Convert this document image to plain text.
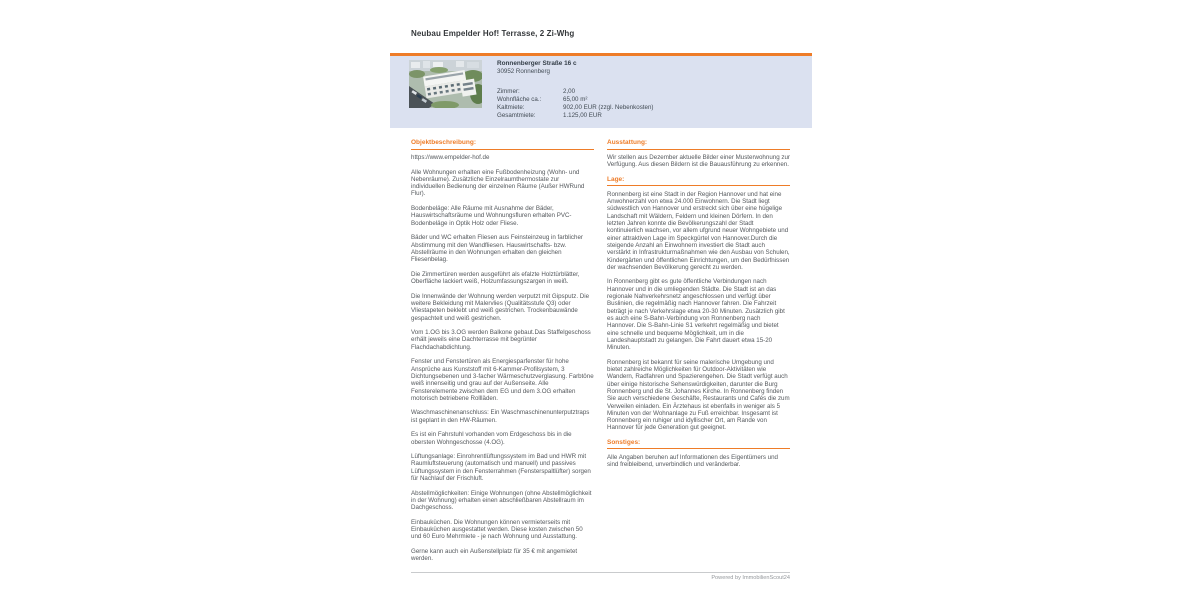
Neubau Empelder Hof! Terrasse, 2 Zi-Whg
Ronnenberger Straße 16 c
30952 Ronnenberg
Zimmer:	2,00
Wohnfläche ca.:	65,00 m²
Kaltmiete:	902,00 EUR (zzgl. Nebenkosten)
Gesamtmiete:	1.125,00 EUR
Objektbeschreibung:

https://www.empelder-hof.de

Alle Wohnungen erhalten eine Fußbodenheizung (Wohn- und Nebenräume). Zusätzliche Einzelraumthermostate zur individuellen Bedienung der einzelnen Räume (Außer HWRund Flur).

Bodenbeläge: Alle Räume mit Ausnahme der Bäder, Hauswirtschaftsräume und Wohnungsfluren erhalten PVC-Bodenbeläge in Optik Holz oder Fliese.

Bäder und WC erhalten Fliesen aus Feinsteinzeug in farblicher Abstimmung mit den Wandfliesen. Hauswirtschafts- bzw. Abstellräume in den Wohnungen erhalten den gleichen Fliesenbelag.

Die Zimmertüren werden ausgeführt als efalzte Holztürblätter, Oberfläche lackiert weiß, Holzumfassungszargen in weiß.

Die Innenwände der Wohnung werden verputzt mit Gipsputz. Die weitere Bekleidung mit Malervlies (Qualitätsstufe Q3) oder Vliestapeten beklebt und weiß gestrichen. Trockenbauwände gespachtelt und weiß gestrichen.

Vom 1.OG bis 3.OG werden Balkone gebaut.Das Staffelgeschoss erhält jeweils eine Dachterrasse mit begrünter Flachdachabdichtung.

Fenster und Fenstertüren als Energiesparfenster für hohe Ansprüche aus Kunststoff mit 6-Kammer-Profilsystem, 3 Dichtungsebenen und 3-facher Wärmeschutzverglasung. Farbtöne weiß innenseitig und grau auf der Außenseite. Alle Fensterelemente zwischen dem EG und dem 3.OG erhalten motorisch betriebene Rollläden.

Waschmaschinenanschluss: Ein Waschmaschinenunterputztraps ist geplant in den HW-Räumen.

Es ist ein Fahrstuhl vorhanden vom Erdgeschoss bis in die obersten Wohngeschosse (4.OG).

Lüftungsanlage: Einrohrentlüftungssystem im Bad und HWR mit Raumluftsteuerung (automatisch und manuell) und passives Lüftungssystem in den Fensterrahmen (Fensterspaltlüfter) sorgen für Nachlauf der Frischluft.

Abstellmöglichkeiten: Einige Wohnungen (ohne Abstellmöglichkeit in der Wohnung) erhalten einen abschließbaren Abstellraum im Dachgeschoss.

Einbauküchen. Die Wohnungen können vermieterseits mit Einbauküchen ausgestattet werden. Diese kosten zwischen 50 und 60 Euro Mehrmiete - je nach Wohnung und Ausstattung.

Gerne kann auch ein Außenstellplatz für 35 € mit angemietet werden.

Ausstattung:

Wir stellen aus Dezember aktuelle Bilder einer Musterwohnung zur Verfügung. Aus diesen Bildern ist die Bauausführung zu erkennen.

Lage:

Ronnenberg ist eine Stadt in der Region Hannover und hat eine Anwohnerzahl von etwa 24.000 Einwohnern. Die Stadt liegt südwestlich von Hannover und erstreckt sich über eine hügelige Landschaft mit Wäldern, Feldern und kleinen Dörfern. In den letzten Jahren konnte die Bevölkerungszahl der Stadt kontinuierlich wachsen, vor allem ufgrund neuer Wohngebiete und einer attraktiven Lage im Speckgürtel von Hannover.Durch die steigende Anzahl an Einwohnern investiert die Stadt auch verstärkt in Infrastrukturmaßnahmen wie den Ausbau von Schulen, Kindergärten und öffentlichen Einrichtungen, um den Bedürfnissen der wachsenden Bevölkerung gerecht zu werden.

In Ronnenberg gibt es gute öffentliche Verbindungen nach Hannover und in die umliegenden Städte. Die Stadt ist an das regionale Nahverkehrsnetz angeschlossen und verfügt über Buslinien, die regelmäßig nach Hannover fahren. Die Fahrzeit beträgt je nach Verkehrslage etwa 20-30 Minuten. Zusätzlich gibt es auch eine S-Bahn-Verbindung von Ronnenberg nach Hannover. Die S-Bahn-Linie S1 verkehrt regelmäßig und bietet eine schnelle und bequeme Möglichkeit, um in die Landeshauptstadt zu gelangen. Die Fahrt dauert etwa 15-20 Minuten.

Ronnenberg ist bekannt für seine malerische Umgebung und bietet zahlreiche Möglichkeiten für Outdoor-Aktivitäten wie Wandern, Radfahren und Spazierengehen. Die Stadt verfügt auch über einige historische Sehenswürdigkeiten, darunter die Burg Ronnenberg und die St. Johannes Kirche. In Ronnenberg finden Sie auch verschiedene Geschäfte, Restaurants und Cafés die zum Verweilen einladen. Ein Ärztehaus ist ebenfalls in weniger als 5 Minuten von der Wohnanlage zu Fuß erreichbar. Insgesamt ist Ronnenberg ein ruhiger und idyllischer Ort, am Rande von Hannover für jede Generation gut geeignet.

Sonstiges:

Alle Angaben beruhen auf Informationen des Eigentümers und sind freibleibend, unverbindlich und veränderbar.

Powered by ImmobilienScout24
